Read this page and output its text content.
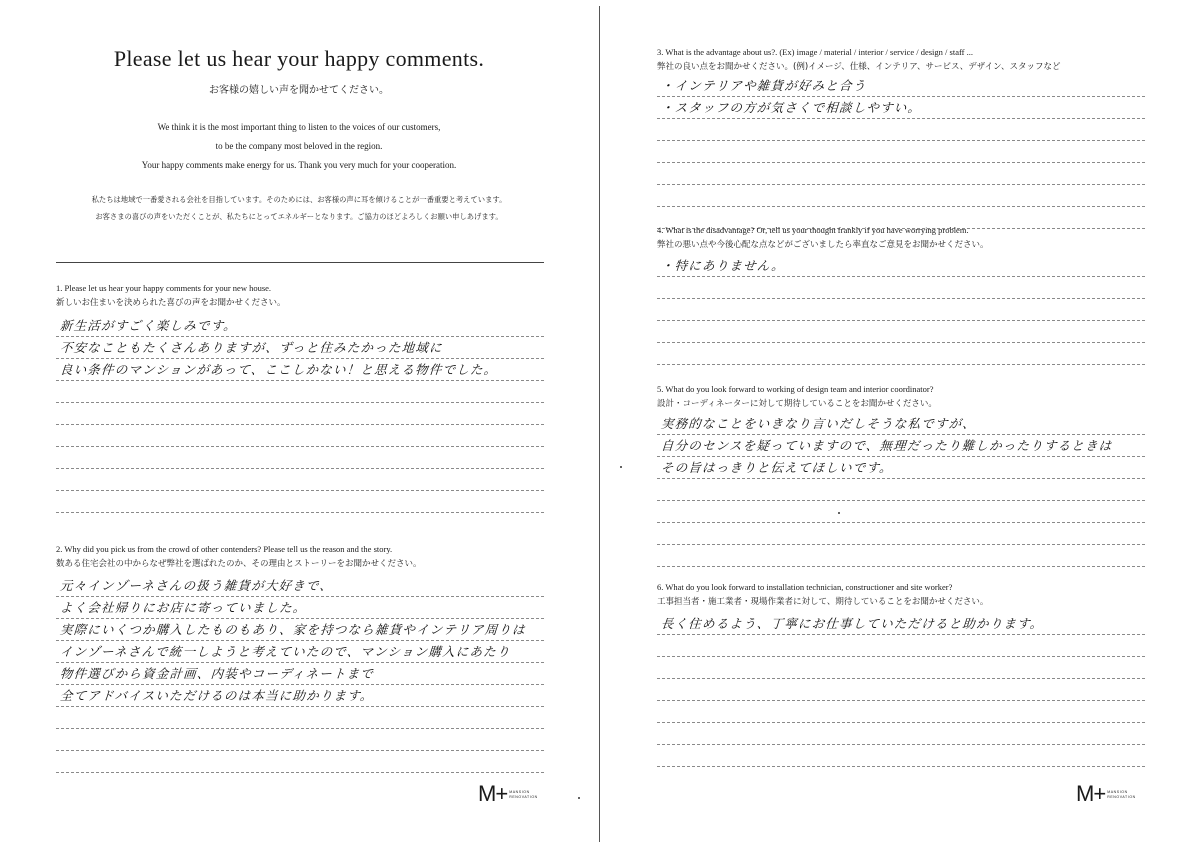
Please let us hear your happy comments.
お客様の嬉しい声を聞かせてください。
We think it is the most important thing to listen to the voices of our customers,
to be the company most beloved in the region.
Your happy comments make energy for us. Thank you very much for your cooperation.
私たちは地域で一番愛される会社を目指しています。そのためには、お客様の声に耳を傾けることが一番重要と考えています。
お客さまの喜びの声をいただくことが、私たちにとってエネルギーとなります。ご協力のほどよろしくお願い申しあげます。
1. Please let us hear your happy comments for your new house.
新しいお住まいを決められた喜びの声をお聞かせください。
新生活がすごく楽しみです。
不安なこともたくさんありますが、ずっと住みたかった地域に
良い条件のマンションがあって、ここしかない！と思える物件でした。
2. Why did you pick us from the crowd of other contenders? Please tell us the reason and the story.
数ある住宅会社の中からなぜ弊社を選ばれたのか、その理由とストーリーをお聞かせください。
元々インゾーネさんの扱う雑貨が大好きで、
よく会社帰りにお店に寄っていました。
実際にいくつか購入したものもあり、家を持つなら雑貨やインテリア周りは
インゾーネさんで統一しようと考えていたので、マンション購入にあたり
物件選びから資金計画、内装やコーディネートまで
全てアドバイスいただけるのは本当に助かります。
M+ MANSION
RENOVATION
3. What is the advantage about us?. (Ex) image / material / interior / service / design / staff ...
弊社の良い点をお聞かせください。(例)イメージ、仕様、インテリア、サービス、デザイン、スタッフなど
・インテリアや雑貨が好みと合う
・スタッフの方が気さくで相談しやすい。
4. What is the disadvantage? Or, tell us your thought frankly if you have worrying problem.
弊社の悪い点や今後心配な点などがございましたら率直なご意見をお聞かせください。
・特にありません。
5. What do you look forward to working of design team and interior coordinator?
設計・コーディネーターに対して期待していることをお聞かせください。
実務的なことをいきなり言いだしそうな私ですが、
自分のセンスを疑っていますので、無理だったり難しかったりするときは
その旨はっきりと伝えてほしいです。
6. What do you look forward to installation technician, constructioner and site worker?
工事担当者・施工業者・現場作業者に対して、期待していることをお聞かせください。
長く住めるよう、丁寧にお仕事していただけると助かります。
M+ MANSION
RENOVATION
